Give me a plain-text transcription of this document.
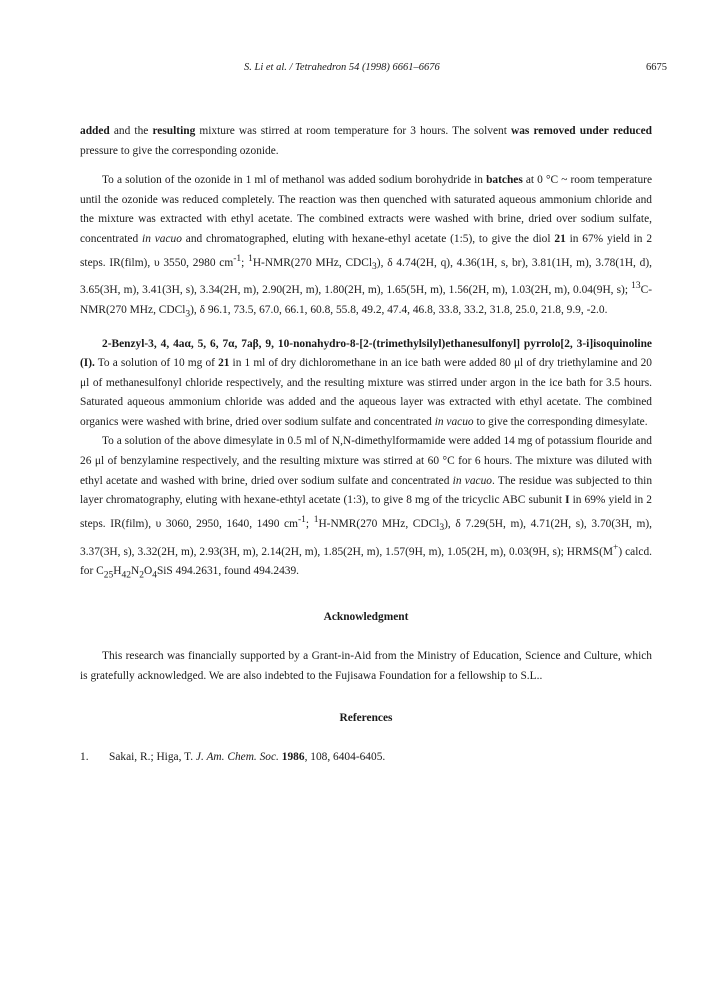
S. Li et al. / Tetrahedron 54 (1998) 6661–6676	6675

added and the resulting mixture was stirred at room temperature for 3 hours. The solvent was removed under reduced pressure to give the corresponding ozonide.

To a solution of the ozonide in 1 ml of methanol was added sodium borohydride in batches at 0 °C ~ room temperature until the ozonide was reduced completely. The reaction was then quenched with saturated aqueous ammonium chloride and the mixture was extracted with ethyl acetate. The combined extracts were washed with brine, dried over sodium sulfate, concentrated in vacuo and chromatographed, eluting with hexane-ethyl acetate (1:5), to give the diol 21 in 67% yield in 2 steps. IR(film), υ 3550, 2980 $cm^{-1}$; $^1$H-NMR(270 MHz, CDCl$_3$), δ 4.74(2H, q), 4.36(1H, s, br), 3.81(1H, m), 3.78(1H, d), 3.65(3H, m), 3.41(3H, s), 3.34(2H, m), 2.90(2H, m), 1.80(2H, m), 1.65(5H, m), 1.56(2H, m), 1.03(2H, m), 0.04(9H, s); $^{13}$C-NMR(270 MHz, CDCl$_3$), δ 96.1, 73.5, 67.0, 66.1, 60.8, 55.8, 49.2, 47.4, 46.8, 33.8, 33.2, 31.8, 25.0, 21.8, 9.9, -2.0.

2-Benzyl-3, 4, 4aα, 5, 6, 7α, 7aβ, 9, 10-nonahydro-8-[2-(trimethylsilyl)ethanesulfonyl] pyrrolo[2, 3-i]isoquinoline (I). To a solution of 10 mg of 21 in 1 ml of dry dichloromethane in an ice bath were added 80 μl of dry triethylamine and 20 μl of methanesulfonyl chloride respectively, and the resulting mixture was stirred under argon in the ice bath for 3.5 hours. Saturated aqueous ammonium chloride was added and the aqueous layer was extracted with ethyl acetate. The combined organics were washed with brine, dried over sodium sulfate and concentrated in vacuo to give the corresponding dimesylate.

To a solution of the above dimesylate in 0.5 ml of N,N-dimethylformamide were added 14 mg of potassium flouride and 26 μl of benzylamine respectively, and the resulting mixture was stirred at 60 °C for 6 hours. The mixture was diluted with ethyl acetate and washed with brine, dried over sodium sulfate and concentrated in vacuo. The residue was subjected to thin layer chromatography, eluting with hexane-ethtyl acetate (1:3), to give 8 mg of the tricyclic ABC subunit I in 69% yield in 2 steps. IR(film), υ 3060, 2950, 1640, 1490 $cm^{-1}$; $^1$H-NMR(270 MHz, CDCl$_3$), δ 7.29(5H, m), 4.71(2H, s), 3.70(3H, m), 3.37(3H, s), 3.32(2H, m), 2.93(3H, m), 2.14(2H, m), 1.85(2H, m), 1.57(9H, m), 1.05(2H, m), 0.03(9H, s); HRMS(M+) calcd. for $C_{25}H_{42}N_2O_4SiS$ 494.2631, found 494.2439.

Acknowledgment

This research was financially supported by a Grant-in-Aid from the Ministry of Education, Science and Culture, which is gratefully acknowledged. We are also indebted to the Fujisawa Foundation for a fellowship to S.L..

References

1.	Sakai, R.; Higa, T. J. Am. Chem. Soc. 1986, 108, 6404-6405.
